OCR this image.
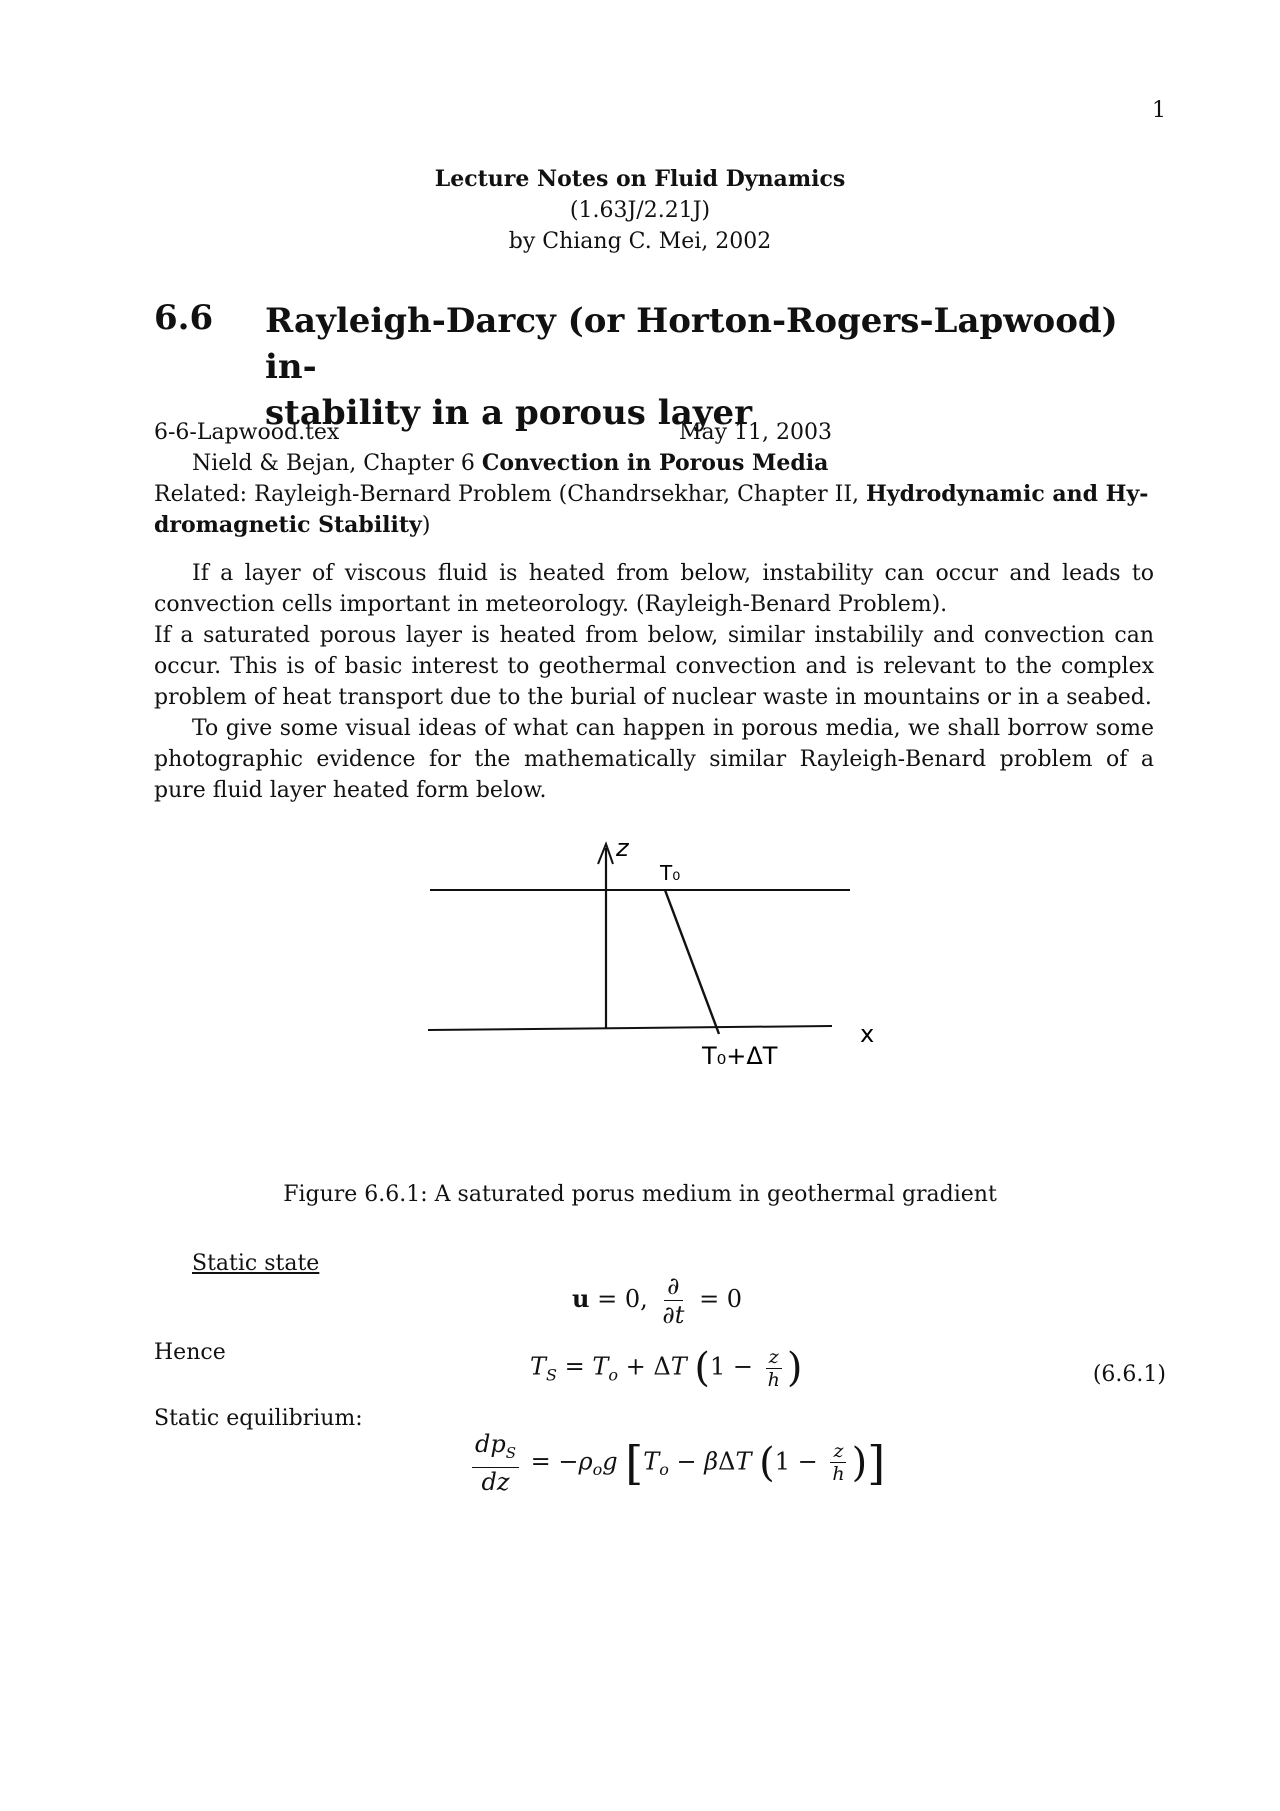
1
Lecture Notes on Fluid Dynamics
(1.63J/2.21J)
by Chiang C. Mei, 2002
6.6 Rayleigh-Darcy (or Horton-Rogers-Lapwood) in-
stability in a porous layer
6-6-Lapwood.tex	May 11, 2003
Nield & Bejan, Chapter 6 Convection in Porous Media
Related: Rayleigh-Bernard Problem (Chandrsekhar, Chapter II, Hydrodynamic and Hy-
dromagnetic Stability)
If a layer of viscous fluid is heated from below, instability can occur and leads to convection cells important in meteorology. (Rayleigh-Benard Problem).
If a saturated porous layer is heated from below, similar instabilily and convection can occur. This is of basic interest to geothermal convection and is relevant to the complex problem of heat transport due to the burial of nuclear waste in mountains or in a seabed.
To give some visual ideas of what can happen in porous media, we shall borrow some photographic evidence for the mathematically similar Rayleigh-Benard problem of a pure fluid layer heated form below.
z
T₀
T₀+ΔT
x
Figure 6.6.1: A saturated porus medium in geothermal gradient
Static state
u = 0, $\frac{\partial}{\partial t} = 0$
Hence	$T_S = T_o + \Delta T$ ($1 - \frac{z}{h}$ )	(6.6.1)
Static equilibrium:
$\frac{dp_S}{dz} = -\rho_og$ [$T_o - \beta\Delta T$ ($1 - \frac{z}{h}$ )]
